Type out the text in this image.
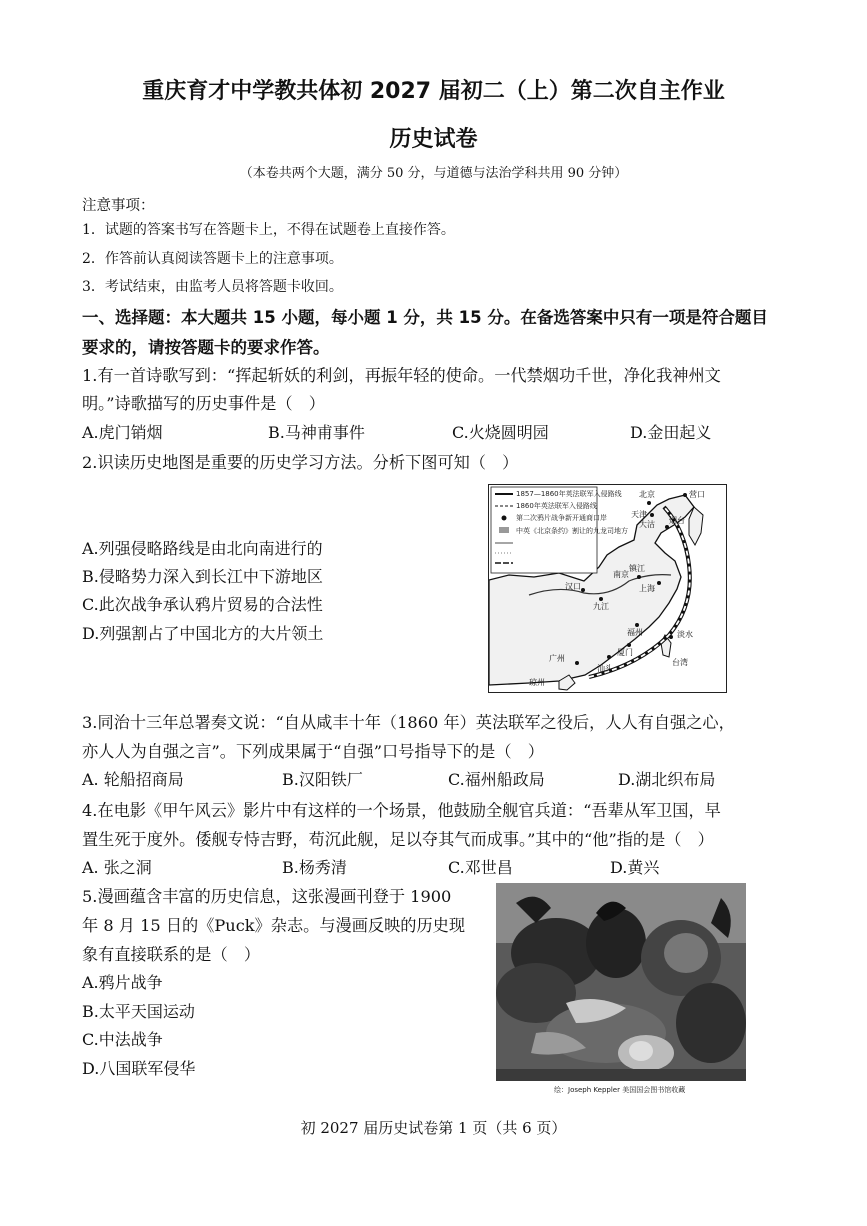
重庆育才中学教共体初 2027 届初二（上）第二次自主作业
历史试卷
（本卷共两个大题，满分 50 分，与道德与法治学科共用 90 分钟）
注意事项：
1．试题的答案书写在答题卡上，不得在试题卷上直接作答。
2．作答前认真阅读答题卡上的注意事项。
3．考试结束，由监考人员将答题卡收回。
一、选择题：本大题共 15 小题，每小题 1 分，共 15 分。在备选答案中只有一项是符合题目
要求的，请按答题卡的要求作答。
1.有一首诗歌写到：“挥起斩妖的利剑，再振年轻的使命。一代禁烟功千世，净化我神州文
明。”诗歌描写的历史事件是（　）
A.虎门销烟	B.马神甫事件	C.火烧圆明园	D.金田起义
2.识读历史地图是重要的历史学习方法。分析下图可知（　）
A.列强侵略路线是由北向南进行的
B.侵略势力深入到长江中下游地区
C.此次战争承认鸦片贸易的合法性
D.列强割占了中国北方的大片领土
1857—1860年英法联军入侵路线
1860年英法联军入侵路线
第二次鸦片战争新开通商口岸
中英《北京条约》割让的九龙司地方
北京
天津
大沽
营口
烟台
汉口
九江
镇江
南京
上海
福州
厦门
广州	台湾
琼州
汕头
淡水
3.同治十三年总署奏文说：“自从咸丰十年（1860 年）英法联军之役后，人人有自强之心，
亦人人为自强之言”。下列成果属于“自强”口号指导下的是（　）
A. 轮船招商局	B.汉阳铁厂	C.福州船政局	D.湖北织布局
4.在电影《甲午风云》影片中有这样的一个场景，他鼓励全舰官兵道：“吾辈从军卫国，早
置生死于度外。倭舰专恃吉野，苟沉此舰，足以夺其气而成事。”其中的“他”指的是（　）
A. 张之洞	B.杨秀清	C.邓世昌	D.黄兴
5.漫画蕴含丰富的历史信息，这张漫画刊登于 1900
年 8 月 15 日的《Puck》杂志。与漫画反映的历史现
象有直接联系的是（　）
A.鸦片战争
B.太平天国运动
C.中法战争
D.八国联军侵华
绘：Joseph Keppler 美国国会图书馆收藏
初 2027 届历史试卷第 1 页（共 6 页）
